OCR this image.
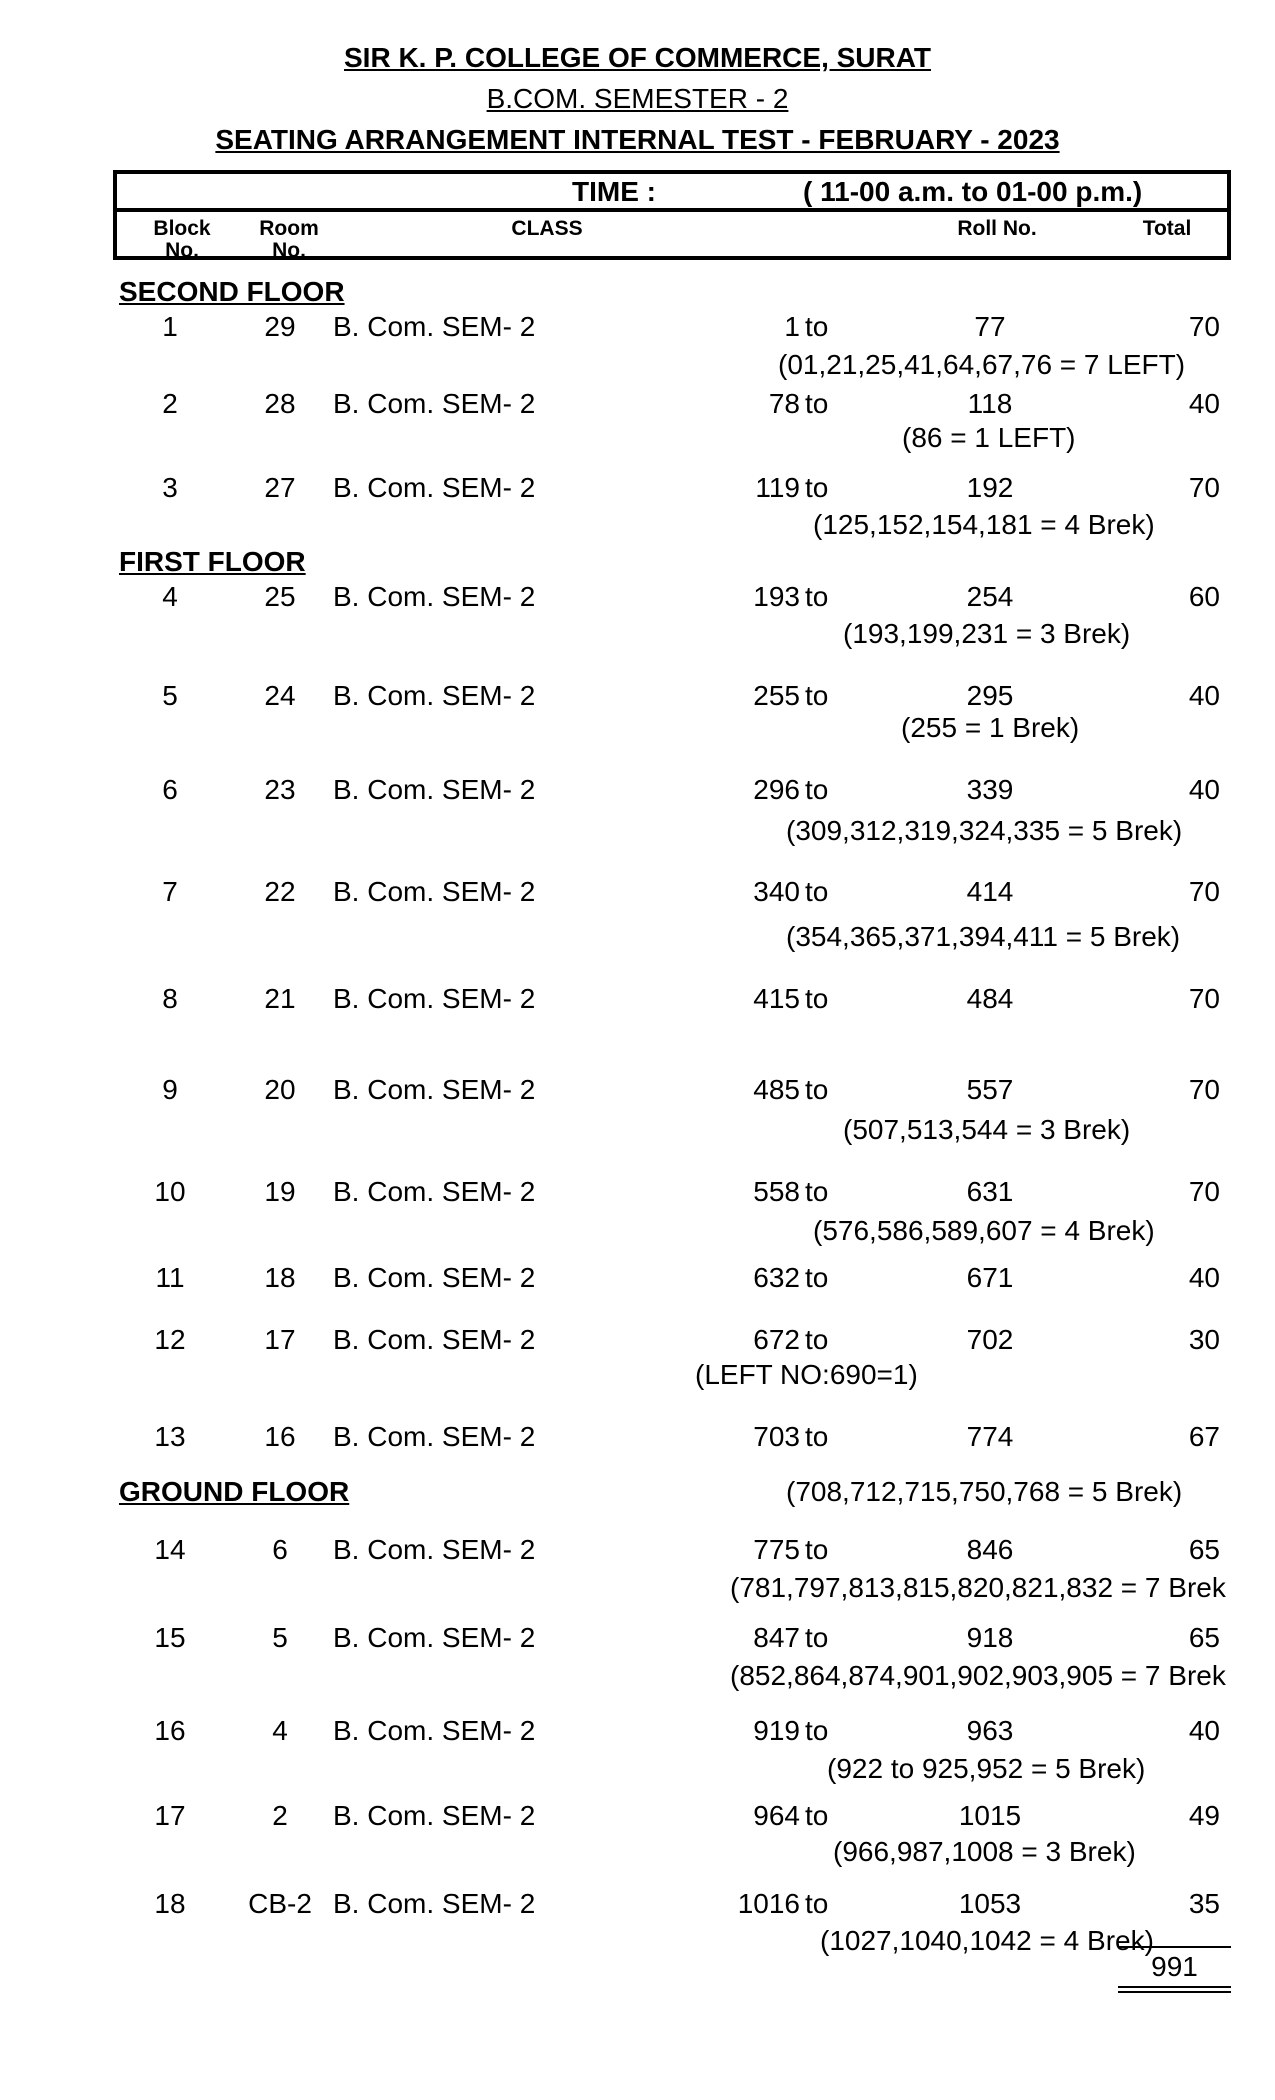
SIR K. P. COLLEGE OF COMMERCE, SURAT
B.COM. SEMESTER - 2
SEATING ARRANGEMENT INTERNAL TEST - FEBRUARY - 2023
TIME :	( 11-00 a.m. to 01-00 p.m.)
Block
No.
Room
No.
CLASS	Roll No.	Total
SECOND FLOOR
FIRST FLOOR
GROUND FLOOR
1	29	B. Com. SEM- 2	1 to	77	70
(01,21,25,41,64,67,76 = 7 LEFT)
2	28	B. Com. SEM- 2	78 to	118	40
(86 = 1 LEFT)
3	27	B. Com. SEM- 2	119 to	192	70
(125,152,154,181 = 4 Brek)
4	25	B. Com. SEM- 2	193 to	254	60
(193,199,231 = 3 Brek)
5	24	B. Com. SEM- 2	255 to	295	40
(255 = 1 Brek)
6	23	B. Com. SEM- 2	296 to	339	40
(309,312,319,324,335 = 5 Brek)
7	22	B. Com. SEM- 2	340 to	414	70
(354,365,371,394,411 = 5 Brek)
8	21	B. Com. SEM- 2	415 to	484	70
9	20	B. Com. SEM- 2	485 to	557	70
(507,513,544 = 3 Brek)
10	19	B. Com. SEM- 2	558 to	631	70
(576,586,589,607 = 4 Brek)
11	18	B. Com. SEM- 2	632 to	671	40
12	17	B. Com. SEM- 2	672 to	702	30
(LEFT NO:690=1)
13	16	B. Com. SEM- 2	703 to	774	67
(708,712,715,750,768 = 5 Brek)
14	6	B. Com. SEM- 2	775 to	846	65
(781,797,813,815,820,821,832 = 7 Brek
15	5	B. Com. SEM- 2	847 to	918	65
(852,864,874,901,902,903,905 = 7 Brek
16	4	B. Com. SEM- 2	919 to	963	40
(922 to 925,952 = 5 Brek)
17	2	B. Com. SEM- 2	964 to	1015	49
(966,987,1008 = 3 Brek)
18	CB-2 B. Com. SEM- 2	1016 to	1053	35
(1027,1040,1042 = 4 Brek)
991
